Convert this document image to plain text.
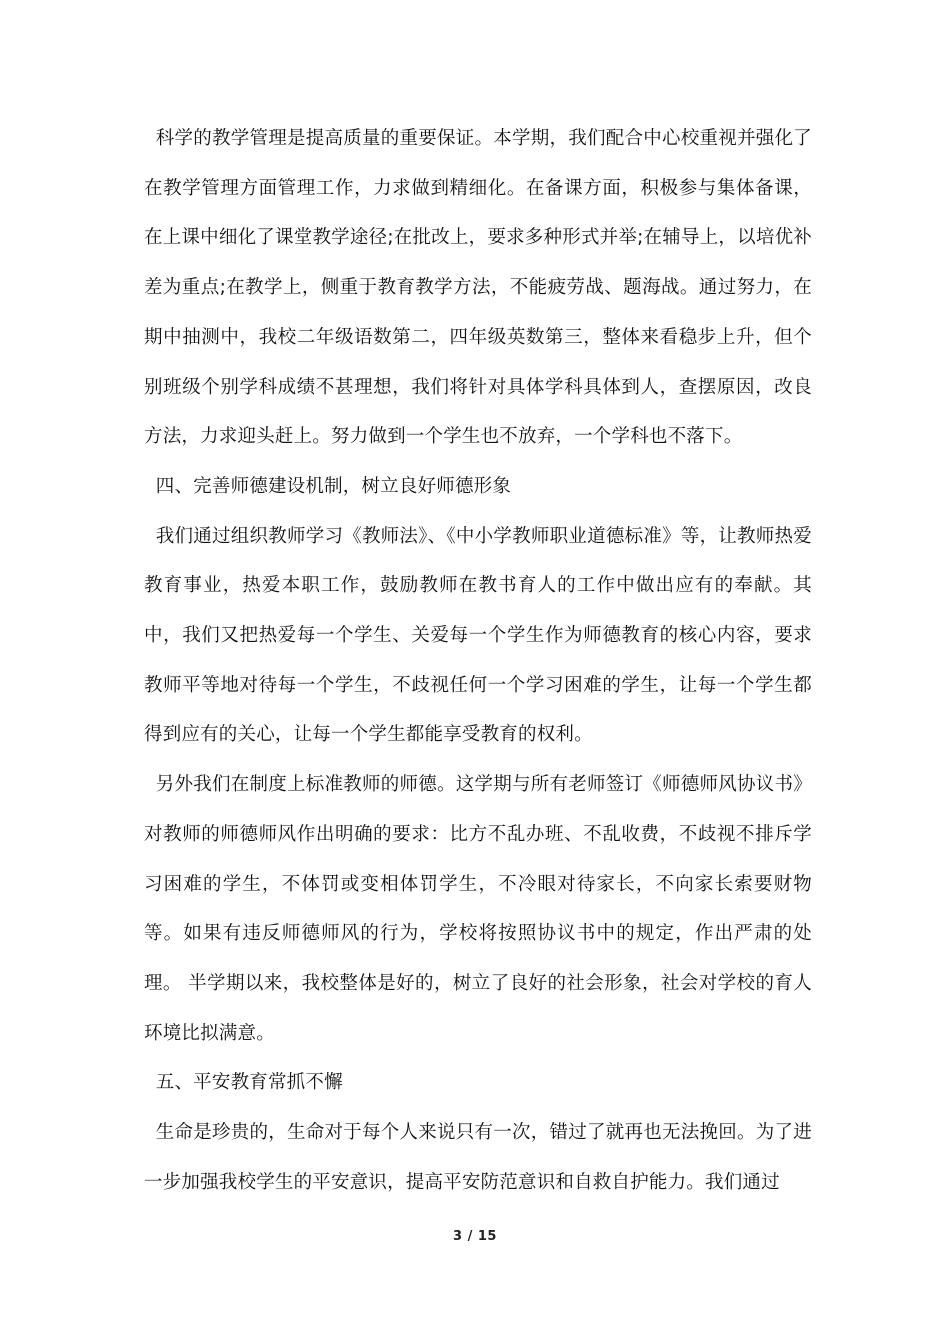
科学的教学管理是提高质量的重要保证。本学期，我们配合中心校重视并强化了在教学管理方面管理工作，力求做到精细化。在备课方面，积极参与集体备课，在上课中细化了课堂教学途径;在批改上，要求多种形式并举;在辅导上，以培优补差为重点;在教学上，侧重于教育教学方法，不能疲劳战、题海战。通过努力，在期中抽测中，我校二年级语数第二，四年级英数第三，整体来看稳步上升，但个别班级个别学科成绩不甚理想，我们将针对具体学科具体到人，查摆原因，改良方法，力求迎头赶上。努力做到一个学生也不放弃，一个学科也不落下。

四、完善师德建设机制，树立良好师德形象

我们通过组织教师学习《教师法》、《中小学教师职业道德标准》等，让教师热爱教育事业，热爱本职工作，鼓励教师在教书育人的工作中做出应有的奉献。其中，我们又把热爱每一个学生、关爱每一个学生作为师德教育的核心内容，要求教师平等地对待每一个学生，不歧视任何一个学习困难的学生，让每一个学生都得到应有的关心，让每一个学生都能享受教育的权利。

另外我们在制度上标准教师的师德。这学期与所有老师签订《师德师风协议书》对教师的师德师风作出明确的要求：比方不乱办班、不乱收费，不歧视不排斥学习困难的学生，不体罚或变相体罚学生，不冷眼对待家长，不向家长索要财物等。如果有违反师德师风的行为，学校将按照协议书中的规定，作出严肃的处理。 半学期以来，我校整体是好的，树立了良好的社会形象，社会对学校的育人环境比拟满意。

五、平安教育常抓不懈

生命是珍贵的，生命对于每个人来说只有一次，错过了就再也无法挽回。为了进一步加强我校学生的平安意识，提高平安防范意识和自救自护能力。我们通过

3 / 15
